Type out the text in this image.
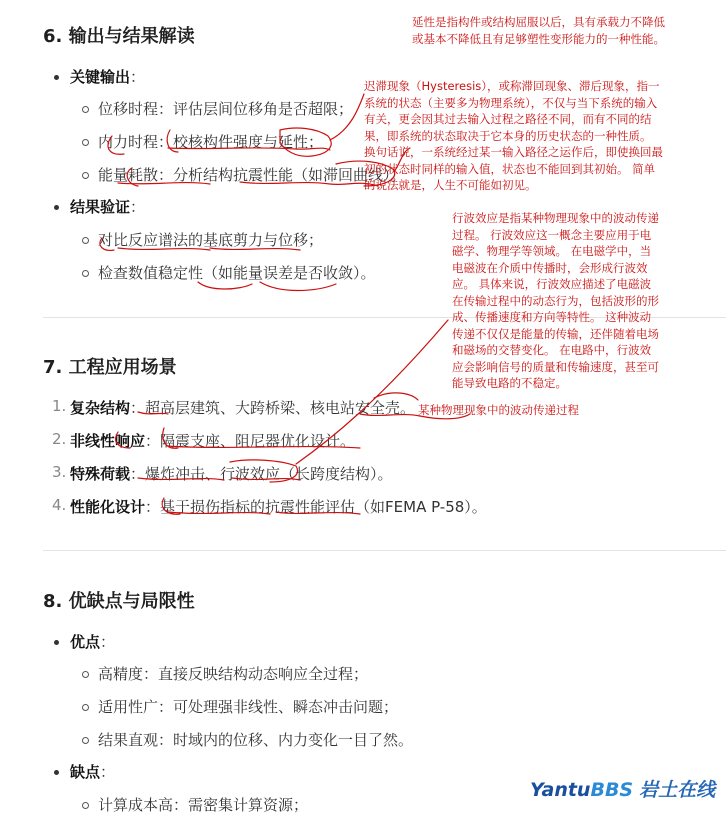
6. 输出与结果解读
关键输出：
位移时程：评估层间位移角是否超限；
内力时程：校核构件强度与延性；
能量耗散：分析结构抗震性能（如滞回曲线）。
结果验证：
对比反应谱法的基底剪力与位移；
检查数值稳定性（如能量误差是否收敛）。
7. 工程应用场景
1. 复杂结构：超高层建筑、大跨桥梁、核电站安全壳。
2. 非线性响应：隔震支座、阻尼器优化设计。
3. 特殊荷载：爆炸冲击、行波效应（长跨度结构）。
4. 性能化设计：基于损伤指标的抗震性能评估（如FEMA P-58）。
8. 优缺点与局限性
优点：
高精度：直接反映结构动态响应全过程；
适用性广：可处理强非线性、瞬态冲击问题；
结果直观：时域内的位移、内力变化一目了然。
缺点：
计算成本高：需密集计算资源；
延性是指构件或结构屈服以后，具有承载力不降低
或基本不降低且有足够塑性变形能力的一种性能。
迟滞现象（Hysteresis），或称滞回现象、滞后现象，指一
系统的状态（主要多为物理系统），不仅与当下系统的输入
有关，更会因其过去输入过程之路径不同，而有不同的结
果，即系统的状态取决于它本身的历史状态的一种性质。
换句话说，一系统经过某一输入路径之运作后，即使换回最
初的状态时同样的输入值，状态也不能回到其初始。 简单
的说法就是，人生不可能如初见。
行波效应是指某种物理现象中的波动传递
过程。 行波效应这一概念主要应用于电
磁学、物理学等领域。 在电磁学中，当
电磁波在介质中传播时，会形成行波效
应。 具体来说，行波效应描述了电磁波
在传输过程中的动态行为，包括波形的形
成、传播速度和方向等特性。 这种波动
传递不仅仅是能量的传输，还伴随着电场
和磁场的交替变化。 在电路中，行波效
应会影响信号的质量和传输速度，甚至可
能导致电路的不稳定。
某种物理现象中的波动传递过程
YantuBBS 岩土在线
